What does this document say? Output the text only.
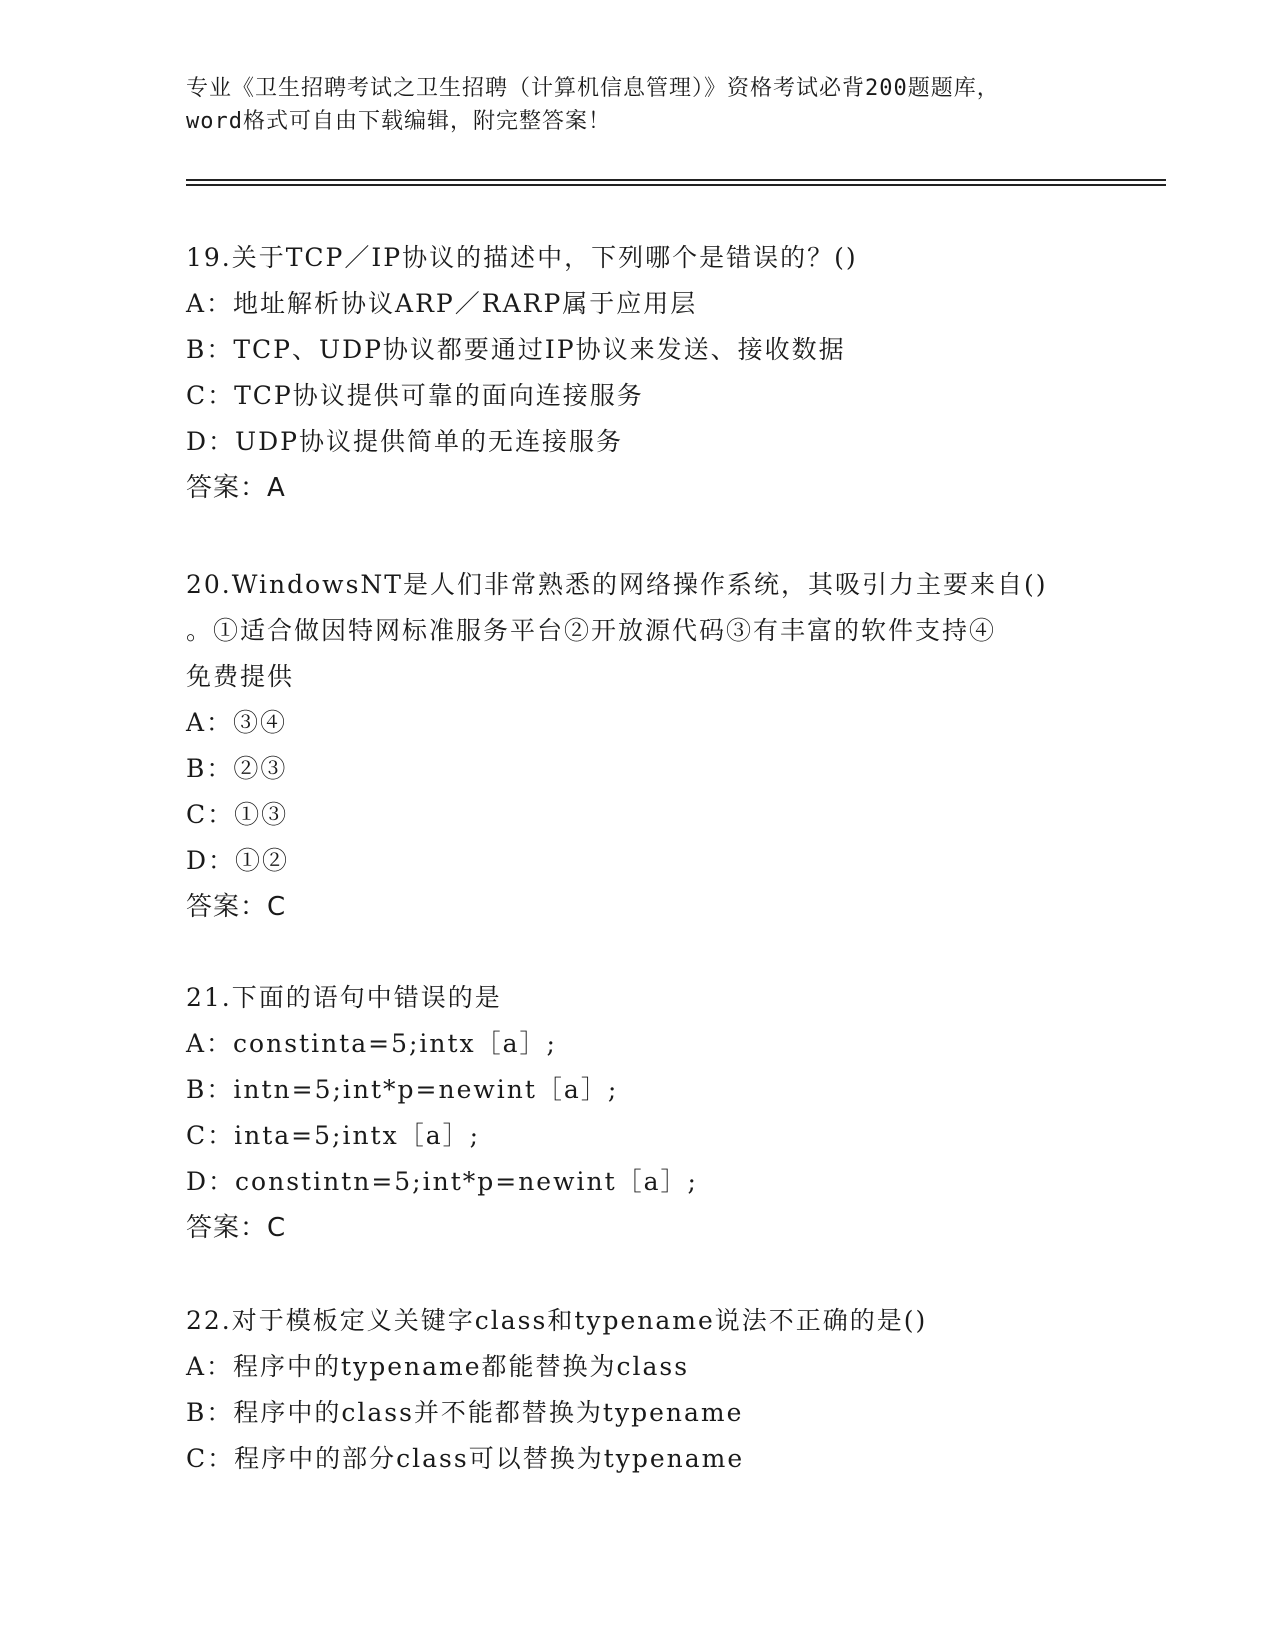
专业《卫生招聘考试之卫生招聘（计算机信息管理）》资格考试必背200题题库，
word格式可自由下载编辑，附完整答案！
19.关于TCP／IP协议的描述中，下列哪个是错误的？()
A：地址解析协议ARP／RARP属于应用层
B：TCP、UDP协议都要通过IP协议来发送、接收数据
C：TCP协议提供可靠的面向连接服务
D：UDP协议提供简单的无连接服务
答案：A
20.WindowsNT是人们非常熟悉的网络操作系统，其吸引力主要来自()
。①适合做因特网标准服务平台②开放源代码③有丰富的软件支持④
免费提供
A：③④
B：②③
C：①③
D：①②
答案：C
21.下面的语句中错误的是
A：constinta=5;intx［a］;
B：intn=5;int*p=newint［a］;
C：inta=5;intx［a］;
D：constintn=5;int*p=newint［a］;
答案：C
22.对于模板定义关键字class和typename说法不正确的是()
A：程序中的typename都能替换为class
B：程序中的class并不能都替换为typename
C：程序中的部分class可以替换为typename
